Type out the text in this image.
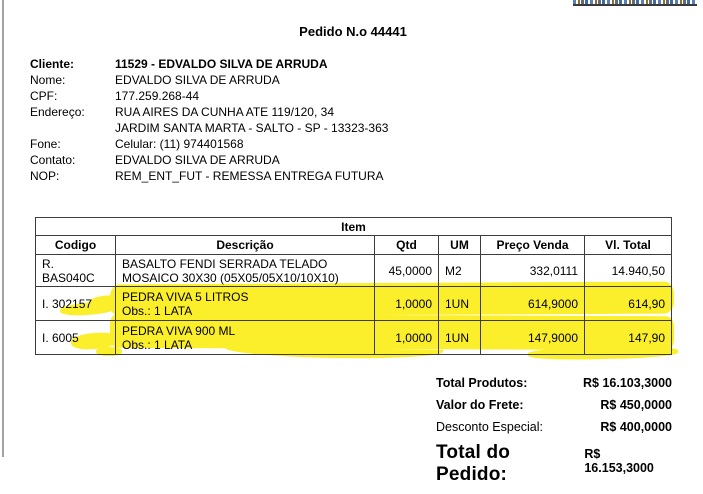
Pedido N.o 44441
Cliente:	11529 - EDVALDO SILVA DE ARRUDA
Nome:	EDVALDO SILVA DE ARRUDA
CPF:	177.259.268-44
Endereço:	RUA AIRES DA CUNHA ATE 119/120, 34
JARDIM SANTA MARTA - SALTO - SP - 13323-363
Fone:	Celular: (11) 974401568
Contato:	EDVALDO SILVA DE ARRUDA
NOP:	REM_ENT_FUT - REMESSA ENTREGA FUTURA
Item					
Codigo	Descrição	Qtd	UM	Preço Venda	Vl. Total
R. BAS040C	BASALTO FENDI SERRADA TELADO
MOSAICO 30X30 (05X05/05X10/10X10)	45,0000	M2	332,0111	14.940,50
I. 302157	PEDRA VIVA 5 LITROS
Obs.: 1 LATA	1,0000	1UN	614,9000	614,90
I. 6005	PEDRA VIVA 900 ML
Obs.: 1 LATA	1,0000	1UN	147,9000	147,90
Total Produtos:	R$ 16.103,3000
Valor do Frete:	R$ 450,0000
Desconto Especial:	R$ 400,0000
Total do Pedido:
R$ 16.153,3000
